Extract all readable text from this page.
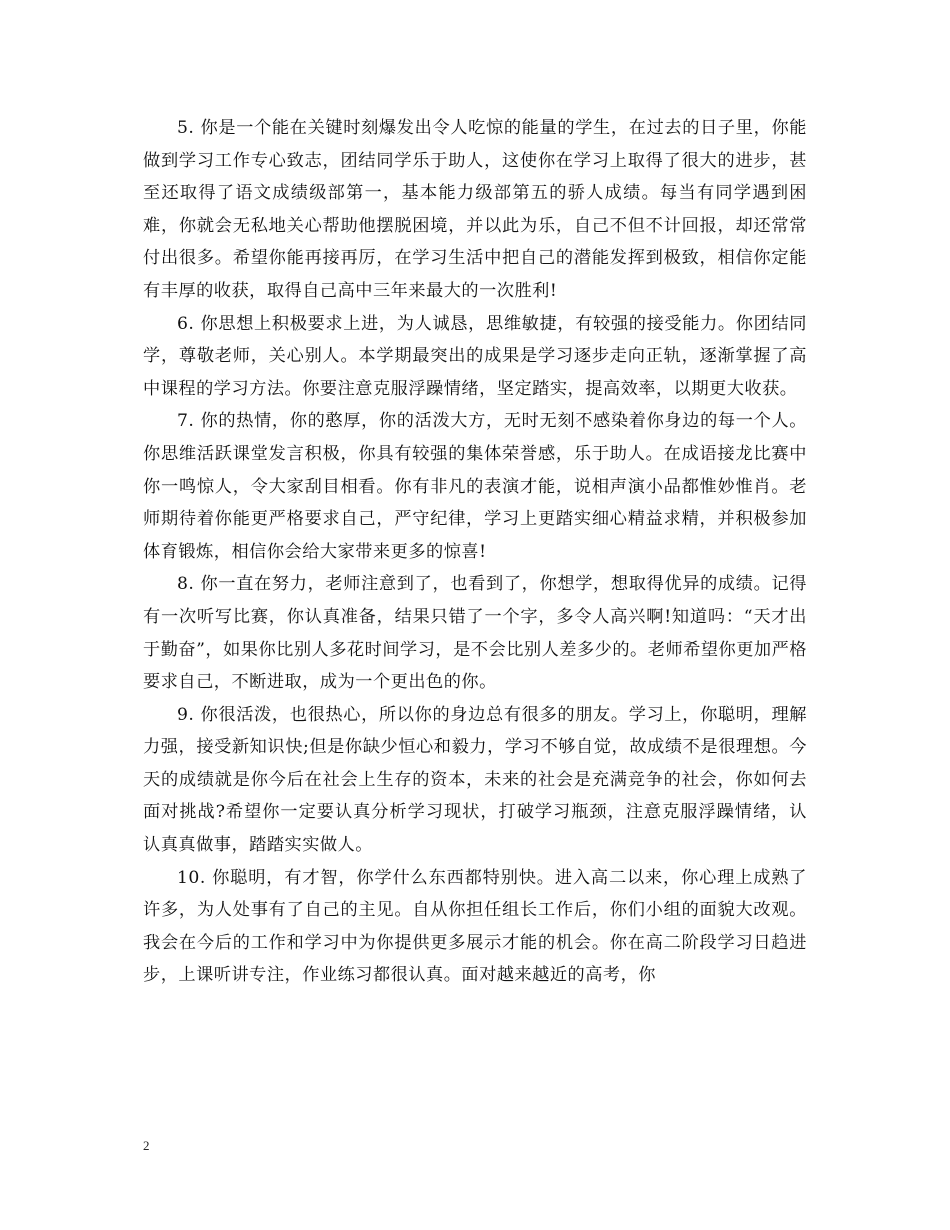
5. 你是一个能在关键时刻爆发出令人吃惊的能量的学生，在过去的日子里，你能做到学习工作专心致志，团结同学乐于助人，这使你在学习上取得了很大的进步，甚至还取得了语文成绩级部第一，基本能力级部第五的骄人成绩。每当有同学遇到困难，你就会无私地关心帮助他摆脱困境，并以此为乐，自己不但不计回报，却还常常付出很多。希望你能再接再厉，在学习生活中把自己的潜能发挥到极致，相信你定能有丰厚的收获，取得自己高中三年来最大的一次胜利!

6. 你思想上积极要求上进，为人诚恳，思维敏捷，有较强的接受能力。你团结同学，尊敬老师，关心别人。本学期最突出的成果是学习逐步走向正轨，逐渐掌握了高中课程的学习方法。你要注意克服浮躁情绪，坚定踏实，提高效率，以期更大收获。

7. 你的热情，你的憨厚，你的活泼大方，无时无刻不感染着你身边的每一个人。你思维活跃课堂发言积极，你具有较强的集体荣誉感，乐于助人。在成语接龙比赛中你一鸣惊人，令大家刮目相看。你有非凡的表演才能，说相声演小品都惟妙惟肖。老师期待着你能更严格要求自己，严守纪律，学习上更踏实细心精益求精，并积极参加体育锻炼，相信你会给大家带来更多的惊喜!

8. 你一直在努力，老师注意到了，也看到了，你想学，想取得优异的成绩。记得有一次听写比赛，你认真准备，结果只错了一个字，多令人高兴啊!知道吗：“天才出于勤奋”，如果你比别人多花时间学习，是不会比别人差多少的。老师希望你更加严格要求自己，不断进取，成为一个更出色的你。

9. 你很活泼，也很热心，所以你的身边总有很多的朋友。学习上，你聪明，理解力强，接受新知识快;但是你缺少恒心和毅力，学习不够自觉，故成绩不是很理想。今天的成绩就是你今后在社会上生存的资本，未来的社会是充满竞争的社会，你如何去面对挑战?希望你一定要认真分析学习现状，打破学习瓶颈，注意克服浮躁情绪，认认真真做事，踏踏实实做人。

10. 你聪明，有才智，你学什么东西都特别快。进入高二以来，你心理上成熟了许多，为人处事有了自己的主见。自从你担任组长工作后，你们小组的面貌大改观。我会在今后的工作和学习中为你提供更多展示才能的机会。你在高二阶段学习日趋进步，上课听讲专注，作业练习都很认真。面对越来越近的高考，你

2
